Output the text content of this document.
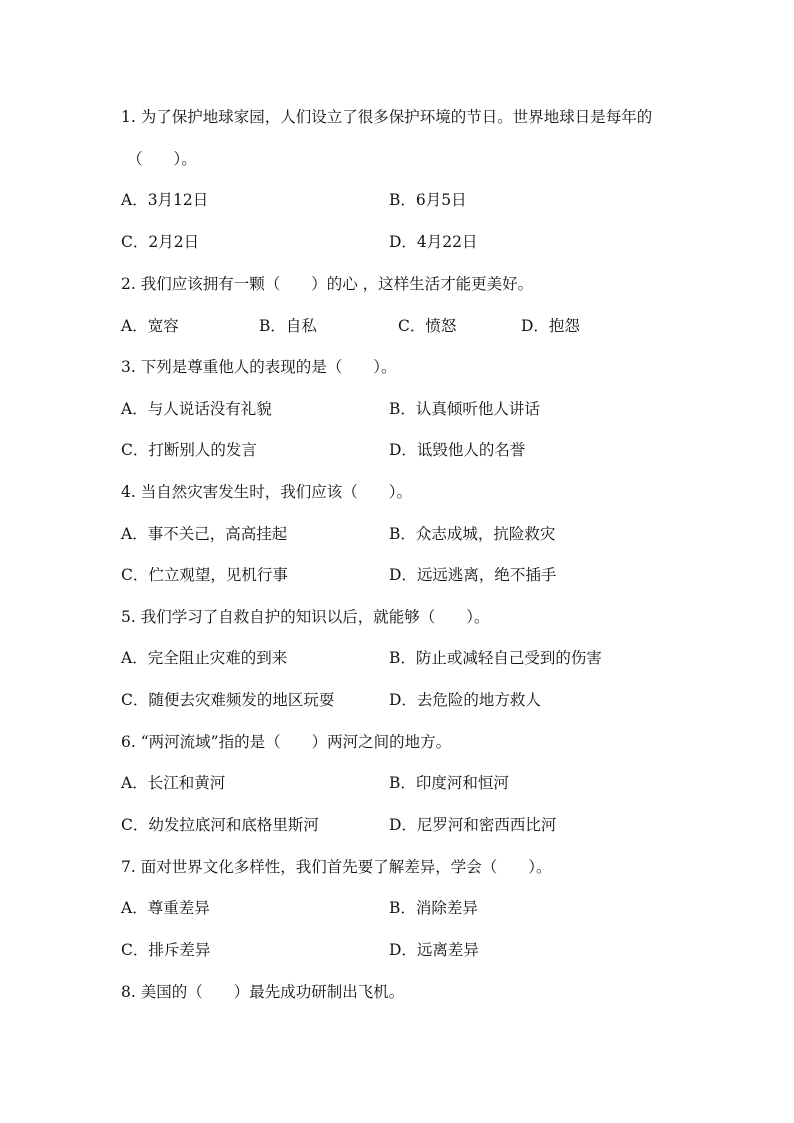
1. 为了保护地球家园，人们设立了很多保护环境的节日。世界地球日是每年的
（　　）。
A．3月12日	B．6月5日
C．2月2日	D．4月22日
2. 我们应该拥有一颗（　　）的心 ，这样生活才能更美好。
A．宽容	B．自私	C．愤怒	D．抱怨
3. 下列是尊重他人的表现的是（　　）。
A．与人说话没有礼貌	B．认真倾听他人讲话
C．打断别人的发言	D．诋毁他人的名誉
4. 当自然灾害发生时，我们应该（　　）。
A．事不关己，高高挂起	B．众志成城，抗险救灾
C．伫立观望，见机行事	D．远远逃离，绝不插手
5. 我们学习了自救自护的知识以后，就能够（　　）。
A．完全阻止灾难的到来	B．防止或减轻自己受到的伤害
C．随便去灾难频发的地区玩耍	D．去危险的地方救人
6. “两河流域”指的是（　　）两河之间的地方。
A．长江和黄河	B．印度河和恒河
C．幼发拉底河和底格里斯河	D．尼罗河和密西西比河
7. 面对世界文化多样性，我们首先要了解差异，学会（　　）。
A．尊重差异	B．消除差异
C．排斥差异	D．远离差异
8. 美国的（　　）最先成功研制出飞机。
